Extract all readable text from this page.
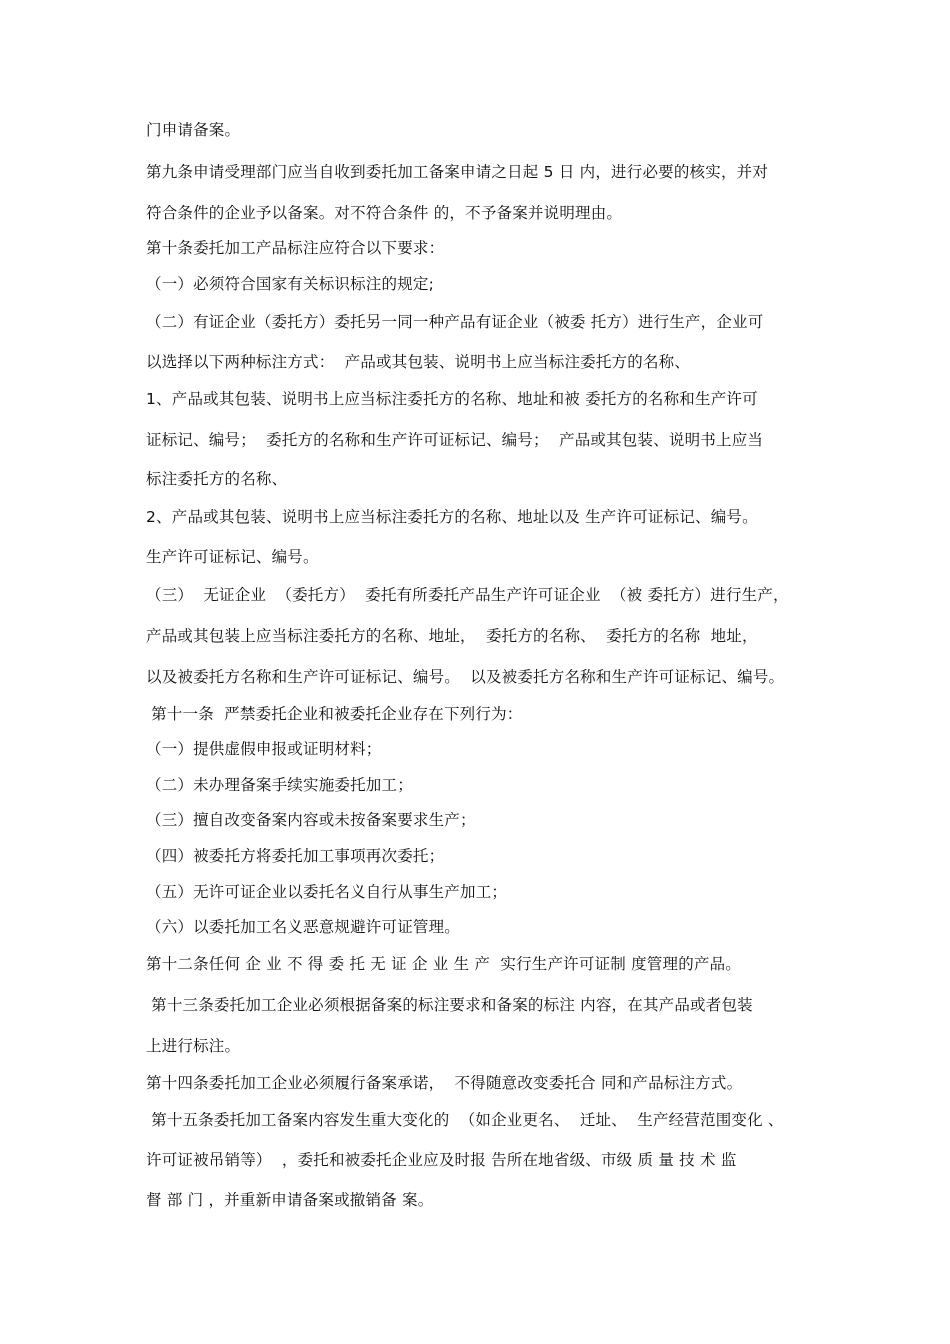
门申请备案。
第九条申请受理部门应当自收到委托加工备案申请之日起 5 日 内，进行必要的核实，并对
符合条件的企业予以备案。对不符合条件 的，不予备案并说明理由。
第十条委托加工产品标注应符合以下要求：
（一）必须符合国家有关标识标注的规定;
（二）有证企业（委托方）委托另一同一种产品有证企业（被委 托方）进行生产，企业可
以选择以下两种标注方式：  产品或其包装、说明书上应当标注委托方的名称、
1、产品或其包装、说明书上应当标注委托方的名称、地址和被 委托方的名称和生产许可
证标记、编号；  委托方的名称和生产许可证标记、编号；  产品或其包装、说明书上应当
标注委托方的名称、
2、产品或其包装、说明书上应当标注委托方的名称、地址以及 生产许可证标记、编号。
生产许可证标记、编号。
（三）  无证企业  （委托方）  委托有所委托产品生产许可证企业  （被 委托方）进行生产，
产品或其包装上应当标注委托方的名称、地址，  委托方的名称、  委托方的名称  地址，
以及被委托方名称和生产许可证标记、编号。  以及被委托方名称和生产许可证标记、编号。
第十一条  严禁委托企业和被委托企业存在下列行为：
（一）提供虚假申报或证明材料；
（二）未办理备案手续实施委托加工；
（三）擅自改变备案内容或未按备案要求生产；
（四）被委托方将委托加工事项再次委托；
（五）无许可证企业以委托名义自行从事生产加工；
（六）以委托加工名义恶意规避许可证管理。
第十二条任何 企 业 不 得 委 托 无 证 企 业 生 产  实行生产许可证制 度管理的产品。
第十三条委托加工企业必须根据备案的标注要求和备案的标注 内容，在其产品或者包装
上进行标注。
第十四条委托加工企业必须履行备案承诺，  不得随意改变委托合 同和产品标注方式。
第十五条委托加工备案内容发生重大变化的  （如企业更名、  迁址、  生产经营范围变化 、
许可证被吊销等）  ，委托和被委托企业应及时报 告所在地省级、市级 质 量 技 术 监
督 部 门 ，并重新申请备案或撤销备 案。
